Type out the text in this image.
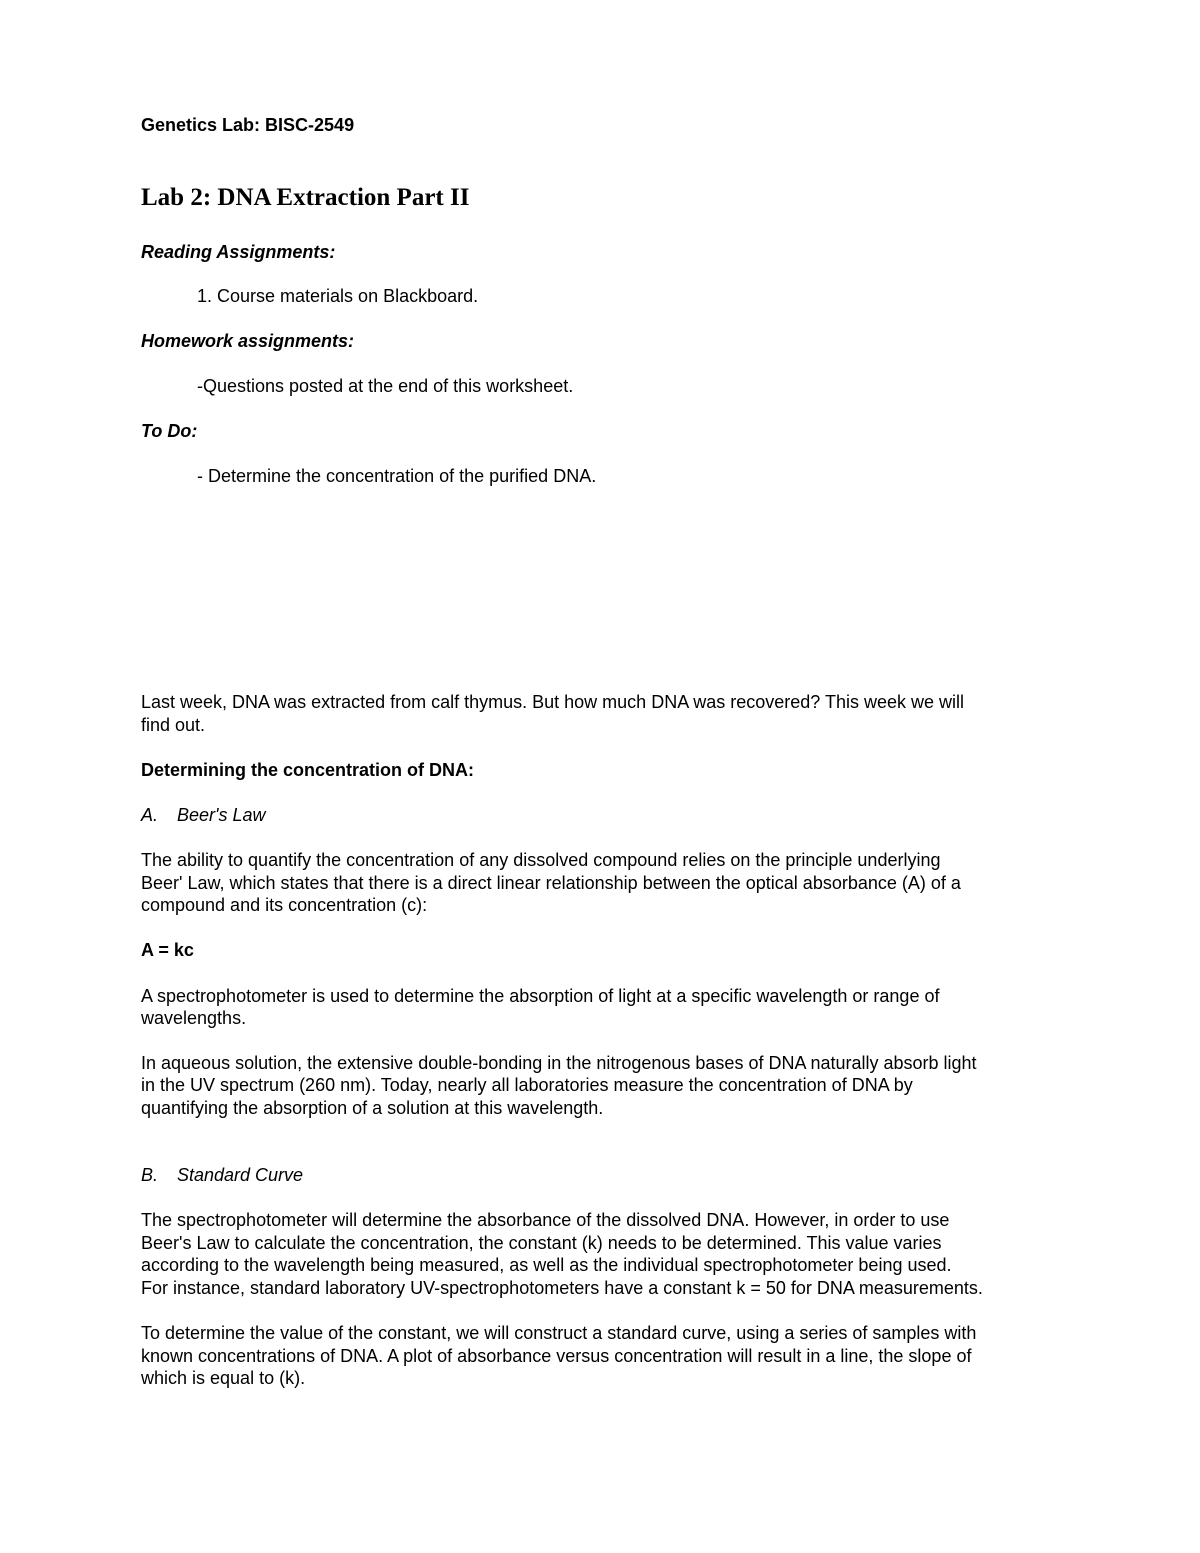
Genetics Lab: BISC-2549

Lab 2: DNA Extraction Part II

Reading Assignments:

1. Course materials on Blackboard.

Homework assignments:

-Questions posted at the end of this worksheet.

To Do:

- Determine the concentration of the purified DNA.

Last week, DNA was extracted from calf thymus. But how much DNA was recovered? This week we will

find out.

Determining the concentration of DNA:

A. Beer's Law

The ability to quantify the concentration of any dissolved compound relies on the principle underlying

Beer' Law, which states that there is a direct linear relationship between the optical absorbance (A) of a

compound and its concentration (c):

A = kc

A spectrophotometer is used to determine the absorption of light at a specific wavelength or range of

wavelengths.

In aqueous solution, the extensive double-bonding in the nitrogenous bases of DNA naturally absorb light

in the UV spectrum (260 nm). Today, nearly all laboratories measure the concentration of DNA by

quantifying the absorption of a solution at this wavelength.

B. Standard Curve

The spectrophotometer will determine the absorbance of the dissolved DNA. However, in order to use

Beer's Law to calculate the concentration, the constant (k) needs to be determined. This value varies

according to the wavelength being measured, as well as the individual spectrophotometer being used.

For instance, standard laboratory UV-spectrophotometers have a constant k = 50 for DNA measurements.

To determine the value of the constant, we will construct a standard curve, using a series of samples with

known concentrations of DNA. A plot of absorbance versus concentration will result in a line, the slope of

which is equal to (k).
